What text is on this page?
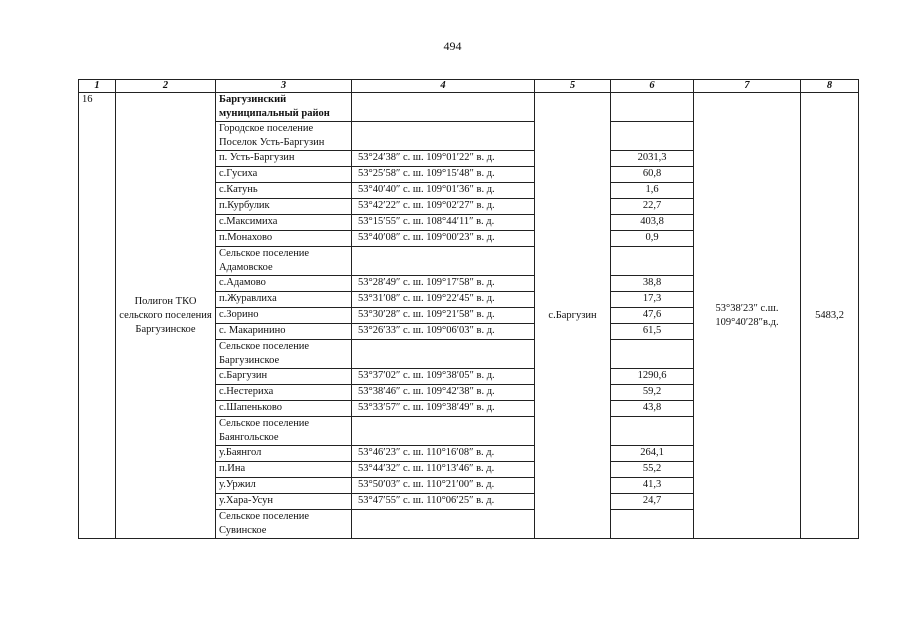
494
1	2	3	4	5	6	7	8
16	Полигон ТКО сельского поселения Баргузинское	Баргузинский муниципальный район		с.Баргузин		53°38′23″ с.ш. 109°40′28″в.д.	5483,2
		Городское поселение Поселок Усть-Баргузин					
		п. Усть-Баргузин	53°24′38″ с. ш. 109°01′22″ в. д.		2031,3		
		с.Гусиха	53°25′58″ с. ш. 109°15′48″ в. д.		60,8		
		с.Катунь	53°40′40″ с. ш. 109°01′36″ в. д.		1,6		
		п.Курбулик	53°42′22″ с. ш. 109°02′27″ в. д.		22,7		
		с.Максимиха	53°15′55″ с. ш. 108°44′11″ в. д.		403,8		
		п.Монахово	53°40′08″ с. ш. 109°00′23″ в. д.		0,9		
		Сельское поселение Адамовское					
		с.Адамово	53°28′49″ с. ш. 109°17′58″ в. д.		38,8		
		п.Журавлиха	53°31′08″ с. ш. 109°22′45″ в. д.		17,3		
		с.Зорино	53°30′28″ с. ш. 109°21′58″ в. д.		47,6		
		с. Макаринино	53°26′33″ с. ш. 109°06′03″ в. д.		61,5		
		Сельское поселение Баргузинское					
		с.Баргузин	53°37′02″ с. ш. 109°38′05″ в. д.		1290,6		
		с.Нестериха	53°38′46″ с. ш. 109°42′38″ в. д.		59,2		
		с.Шапеньково	53°33′57″ с. ш. 109°38′49″ в. д.		43,8		
		Сельское поселение Баянгольское					
		у.Баянгол	53°46′23″ с. ш. 110°16′08″ в. д.		264,1		
		п.Ина	53°44′32″ с. ш. 110°13′46″ в. д.		55,2		
		у.Уржил	53°50′03″ с. ш. 110°21′00″ в. д.		41,3		
		у.Хара-Усун	53°47′55″ с. ш. 110°06′25″ в. д.		24,7		
		Сельское поселение Сувинское					
